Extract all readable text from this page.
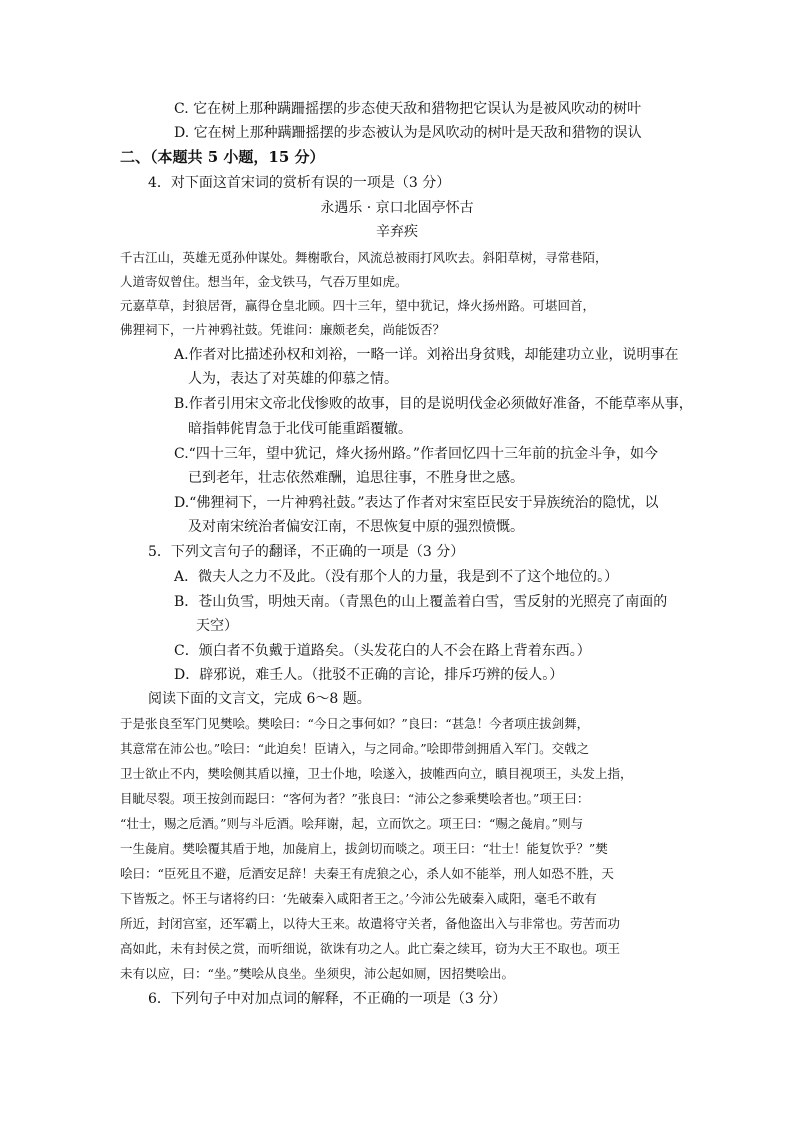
C. 它在树上那种蹒跚摇摆的步态使天敌和猎物把它误认为是被风吹动的树叶
D. 它在树上那种蹒跚摇摆的步态被认为是风吹动的树叶是天敌和猎物的误认
二、（本题共 5 小题，15 分）
4．对下面这首宋词的赏析有误的一项是（3 分）
永遇乐 · 京口北固亭怀古
辛弃疾
千古江山，英雄无觅孙仲谋处。舞榭歌台，风流总被雨打风吹去。斜阳草树，寻常巷陌，
人道寄奴曾住。想当年，金戈铁马，气吞万里如虎。
元嘉草草，封狼居胥，赢得仓皇北顾。四十三年，望中犹记，烽火扬州路。可堪回首，
佛狸祠下，一片神鸦社鼓。凭谁问：廉颇老矣，尚能饭否？
A.作者对比描述孙权和刘裕，一略一详。刘裕出身贫贱，却能建功立业，说明事在
人为，表达了对英雄的仰慕之情。
B.作者引用宋文帝北伐惨败的故事，目的是说明伐金必须做好准备，不能草率从事，
暗指韩侂胄急于北伐可能重蹈覆辙。
C.“四十三年，望中犹记，烽火扬州路。”作者回忆四十三年前的抗金斗争，如今
已到老年，壮志依然难酬，追思往事，不胜身世之感。
D.“佛狸祠下，一片神鸦社鼓。”表达了作者对宋室臣民安于异族统治的隐忧，以
及对南宋统治者偏安江南，不思恢复中原的强烈愤慨。
5．下列文言句子的翻译，不正确的一项是（3 分）
A．微夫人之力不及此。（没有那个人的力量，我是到不了这个地位的。）
B．苍山负雪，明烛天南。（青黑色的山上覆盖着白雪，雪反射的光照亮了南面的
天空）
C．颁白者不负戴于道路矣。（头发花白的人不会在路上背着东西。）
D．辟邪说，难壬人。（批驳不正确的言论，排斥巧辨的佞人。）
阅读下面的文言文，完成 6～8 题。
于是张良至军门见樊哙。樊哙曰：“今日之事何如？”良曰：“甚急！今者项庄拔剑舞，
其意常在沛公也。”哙曰：“此迫矣！臣请入，与之同命。”哙即带剑拥盾入军门。交戟之
卫士欲止不内，樊哙侧其盾以撞，卫士仆地，哙遂入，披帷西向立，瞋目视项王，头发上指，
目眦尽裂。项王按剑而跽曰：“客何为者？”张良曰：“沛公之参乘樊哙者也。”项王曰：
“壮士，赐之卮酒。”则与斗卮酒。哙拜谢，起，立而饮之。项王曰：“赐之彘肩。”则与
一生彘肩。樊哙覆其盾于地，加彘肩上，拔剑切而啖之。项王曰：“壮士！能复饮乎？”樊
哙曰：“臣死且不避，卮酒安足辞！夫秦王有虎狼之心，杀人如不能举，刑人如恐不胜，天
下皆叛之。怀王与诸将约曰：‘先破秦入咸阳者王之。’今沛公先破秦入咸阳，毫毛不敢有
所近，封闭宫室，还军霸上，以待大王来。故遣将守关者，备他盗出入与非常也。劳苦而功
高如此，未有封侯之赏，而听细说，欲诛有功之人。此亡秦之续耳，窃为大王不取也。项王
未有以应，曰：“坐。”樊哙从良坐。坐须臾，沛公起如厕，因招樊哙出。
6．下列句子中对加点词的解释，不正确的一项是（3 分）
